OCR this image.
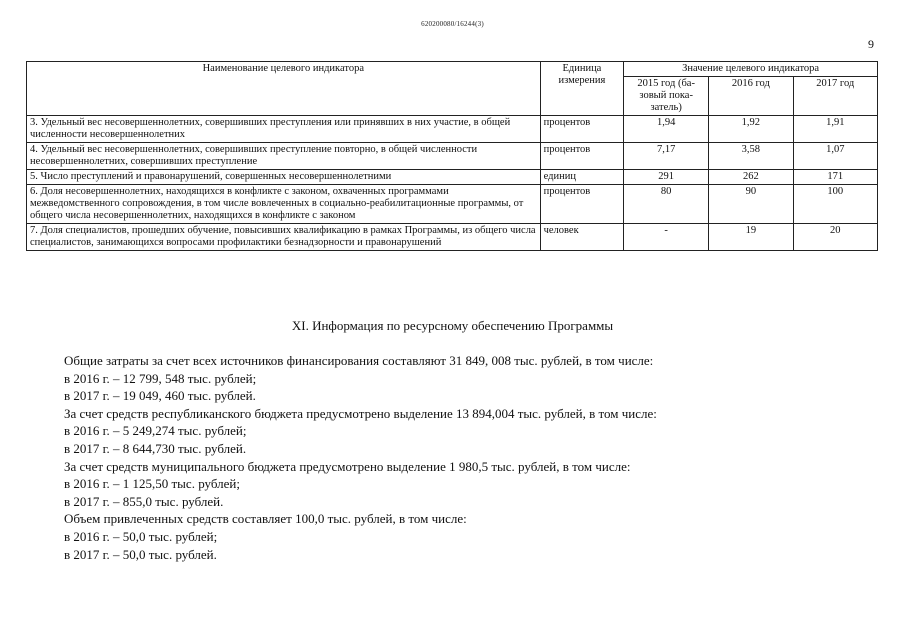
620200080/16244(3)
9
Наименование целевого индикатора	Единица измерения	Значение целевого индикатора		
		2015 год (ба-зовый пока-затель)	2016 год	2017 год
3. Удельный вес несовершеннолетних, совершивших преступления или принявших в них участие, в общей численности несовершеннолетних	процентов	1,94	1,92	1,91
4. Удельный вес несовершеннолетних, совершивших преступление повторно, в общей численности несовершеннолетних, совершивших преступление	процентов	7,17	3,58	1,07
5. Число преступлений и правонарушений, совершенных несовершеннолетними	единиц	291	262	171
6. Доля несовершеннолетних, находящихся в конфликте с законом, охваченных программами межведомственного сопровождения, в том числе вовлеченных в социально-реабилитационные программы, от общего числа несовершеннолетних, находящихся в конфликте с законом	процентов	80	90	100
7. Доля специалистов, прошедших обучение, повысивших квалификацию в рамках Программы, из общего числа специалистов, занимающихся вопросами профилактики безнадзорности и правонарушений	человек	-	19	20
XI. Информация по ресурсному обеспечению Программы
Общие затраты за счет всех источников финансирования составляют 31 849, 008 тыс. рублей, в том числе:
в 2016 г. – 12 799, 548 тыс. рублей;
в 2017 г. – 19 049, 460 тыс. рублей.
За счет средств республиканского бюджета предусмотрено выделение 13 894,004 тыс. рублей, в том числе:
в 2016 г. – 5 249,274 тыс. рублей;
в 2017 г. – 8 644,730 тыс. рублей.
За счет средств муниципального бюджета предусмотрено выделение 1 980,5 тыс. рублей, в том числе:
в 2016 г. – 1 125,50 тыс. рублей;
в 2017 г. – 855,0 тыс. рублей.
Объем привлеченных средств составляет 100,0 тыс. рублей, в том числе:
в 2016 г. – 50,0 тыс. рублей;
в 2017 г. – 50,0 тыс. рублей.
